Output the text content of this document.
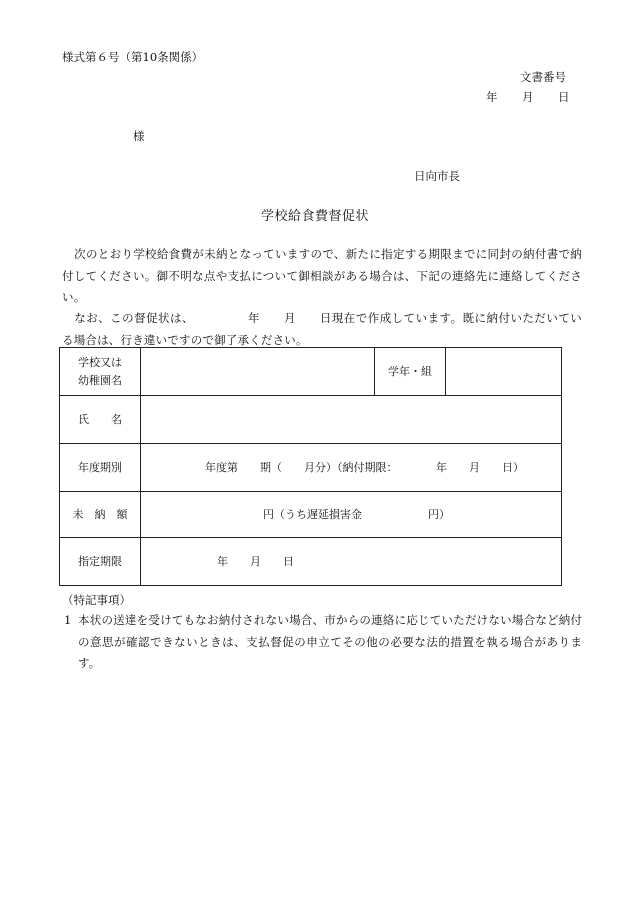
様式第６号（第10条関係）
文書番号
年 月 日
様
日向市長
学校給食費督促状

次のとおり学校給食費が未納となっていますので、新たに指定する期限までに同封の納付書で納付してください。御不明な点や支払について御相談がある場合は、下記の連絡先に連絡してください。

なお、この督促状は、　　　　　年　　月　　日現在で作成しています。既に納付いただいている場合は、行き違いですので御了承ください。

学校又は
幼稚園名		学年・組	
氏　　名			
年度期別	年度第　　期（　　月分）（納付期限：　　　　年　　月　　日）		
未　納　額	円（うち遅延損害金　　　　　　円）		
指定期限	年　　月　　日		
（特記事項）
1 本状の送達を受けてもなお納付されない場合、市からの連絡に応じていただけない場合など納付の意思が確認できないときは、支払督促の申立てその他の必要な法的措置を執る場合があります。
